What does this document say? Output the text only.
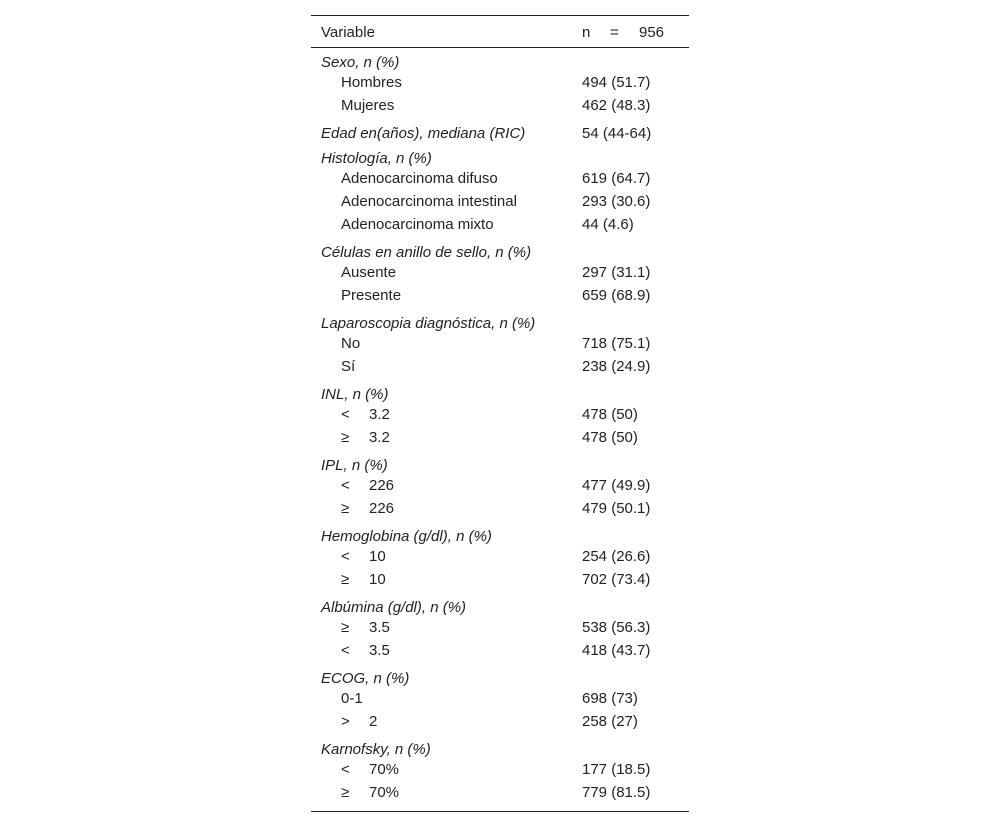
Variable	n = 956
Sexo, n (%)
Hombres	494 (51.7)
Mujeres	462 (48.3)
Edad en(años), mediana (RIC)	54 (44-64)
Histología, n (%)
Adenocarcinoma difuso	619 (64.7)
Adenocarcinoma intestinal	293 (30.6)
Adenocarcinoma mixto	44 (4.6)
Células en anillo de sello, n (%)
Ausente	297 (31.1)
Presente	659 (68.9)
Laparoscopia diagnóstica, n (%)
No	718 (75.1)
Sí	238 (24.9)
INL, n (%)
< 3.2	478 (50)
≥ 3.2	478 (50)
IPL, n (%)
< 226	477 (49.9)
≥ 226	479 (50.1)
Hemoglobina (g/dl), n (%)
< 10	254 (26.6)
≥ 10	702 (73.4)
Albúmina (g/dl), n (%)
≥ 3.5	538 (56.3)
< 3.5	418 (43.7)
ECOG, n (%)
0-1	698 (73)
> 2	258 (27)
Karnofsky, n (%)
< 70%	177 (18.5)
≥ 70%	779 (81.5)
